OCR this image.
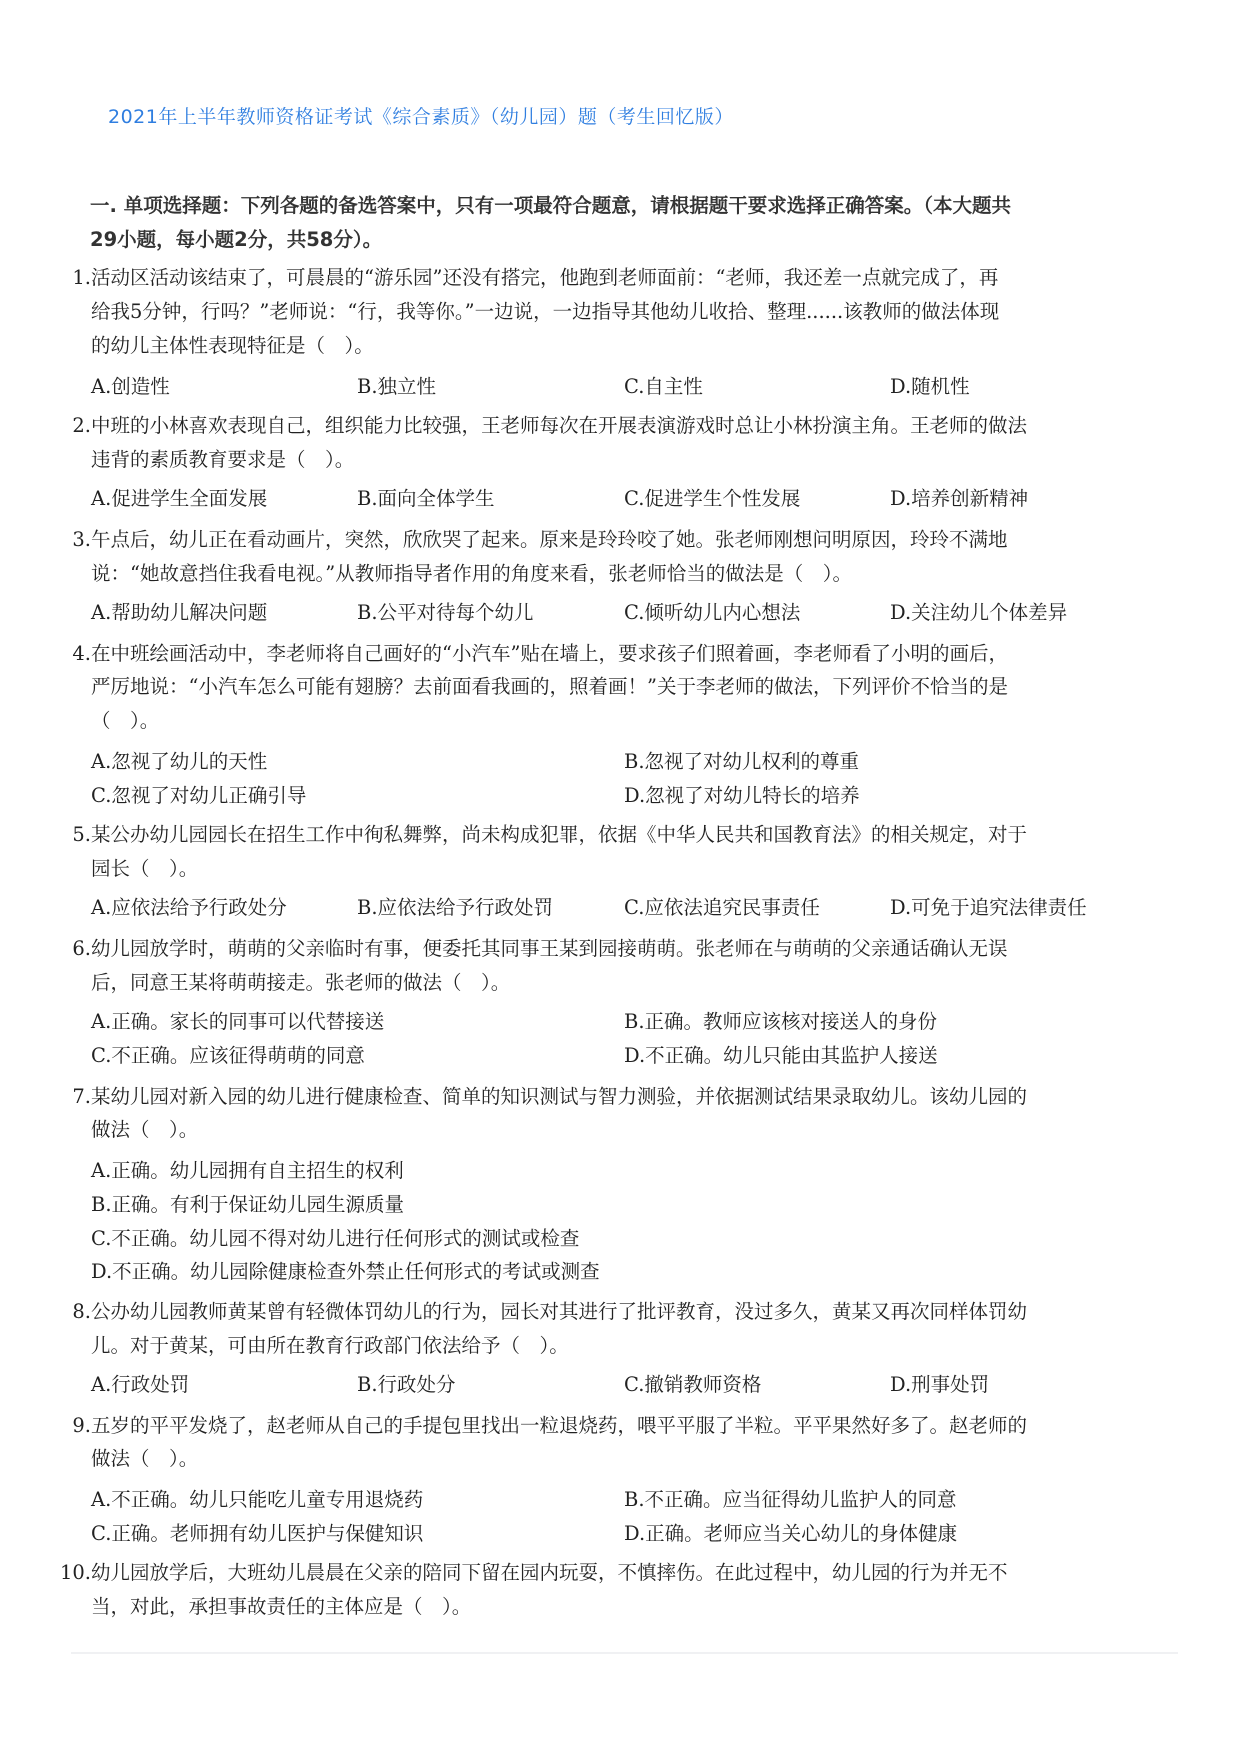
2021年上半年教师资格证考试《综合素质》（幼儿园）题（考生回忆版）
一. 单项选择题：下列各题的备选答案中，只有一项最符合题意，请根据题干要求选择正确答案。（本大题共
29小题，每小题2分，共58分）。
1. 活动区活动该结束了，可晨晨的“游乐园”还没有搭完，他跑到老师面前：“老师，我还差一点就完成了，再
给我5分钟，行吗？”老师说：“行，我等你。”一边说，一边指导其他幼儿收拾、整理......该教师的做法体现
的幼儿主体性表现特征是（　）。
A.创造性	B.独立性	C.自主性	D.随机性
2. 中班的小林喜欢表现自己，组织能力比较强，王老师每次在开展表演游戏时总让小林扮演主角。王老师的做法
违背的素质教育要求是（　）。
A.促进学生全面发展	B.面向全体学生	C.促进学生个性发展	D.培养创新精神
3. 午点后，幼儿正在看动画片，突然，欣欣哭了起来。原来是玲玲咬了她。张老师刚想问明原因，玲玲不满地
说：“她故意挡住我看电视。”从教师指导者作用的角度来看，张老师恰当的做法是（　）。
A.帮助幼儿解决问题	B.公平对待每个幼儿	C.倾听幼儿内心想法	D.关注幼儿个体差异
4. 在中班绘画活动中，李老师将自己画好的“小汽车”贴在墙上，要求孩子们照着画，李老师看了小明的画后，
严厉地说：“小汽车怎么可能有翅膀？去前面看我画的，照着画！”关于李老师的做法，下列评价不恰当的是
（　）。
A.忽视了幼儿的天性	B.忽视了对幼儿权利的尊重
C.忽视了对幼儿正确引导	D.忽视了对幼儿特长的培养
5. 某公办幼儿园园长在招生工作中徇私舞弊，尚未构成犯罪，依据《中华人民共和国教育法》的相关规定，对于
园长（　）。
A.应依法给予行政处分	B.应依法给予行政处罚	C.应依法追究民事责任	D.可免于追究法律责任
6. 幼儿园放学时，萌萌的父亲临时有事，便委托其同事王某到园接萌萌。张老师在与萌萌的父亲通话确认无误
后，同意王某将萌萌接走。张老师的做法（　）。
A.正确。家长的同事可以代替接送	B.正确。教师应该核对接送人的身份
C.不正确。应该征得萌萌的同意	D.不正确。幼儿只能由其监护人接送
7. 某幼儿园对新入园的幼儿进行健康检查、简单的知识测试与智力测验，并依据测试结果录取幼儿。该幼儿园的
做法（　）。
A.正确。幼儿园拥有自主招生的权利
B.正确。有利于保证幼儿园生源质量
C.不正确。幼儿园不得对幼儿进行任何形式的测试或检查
D.不正确。幼儿园除健康检查外禁止任何形式的考试或测查
8. 公办幼儿园教师黄某曾有轻微体罚幼儿的行为，园长对其进行了批评教育，没过多久，黄某又再次同样体罚幼
儿。对于黄某，可由所在教育行政部门依法给予（　）。
A.行政处罚	B.行政处分	C.撤销教师资格	D.刑事处罚
9. 五岁的平平发烧了，赵老师从自己的手提包里找出一粒退烧药，喂平平服了半粒。平平果然好多了。赵老师的
做法（　）。
A.不正确。幼儿只能吃儿童专用退烧药	B.不正确。应当征得幼儿监护人的同意
C.正确。老师拥有幼儿医护与保健知识	D.正确。老师应当关心幼儿的身体健康
10. 幼儿园放学后，大班幼儿晨晨在父亲的陪同下留在园内玩耍，不慎摔伤。在此过程中，幼儿园的行为并无不
当，对此，承担事故责任的主体应是（　）。
